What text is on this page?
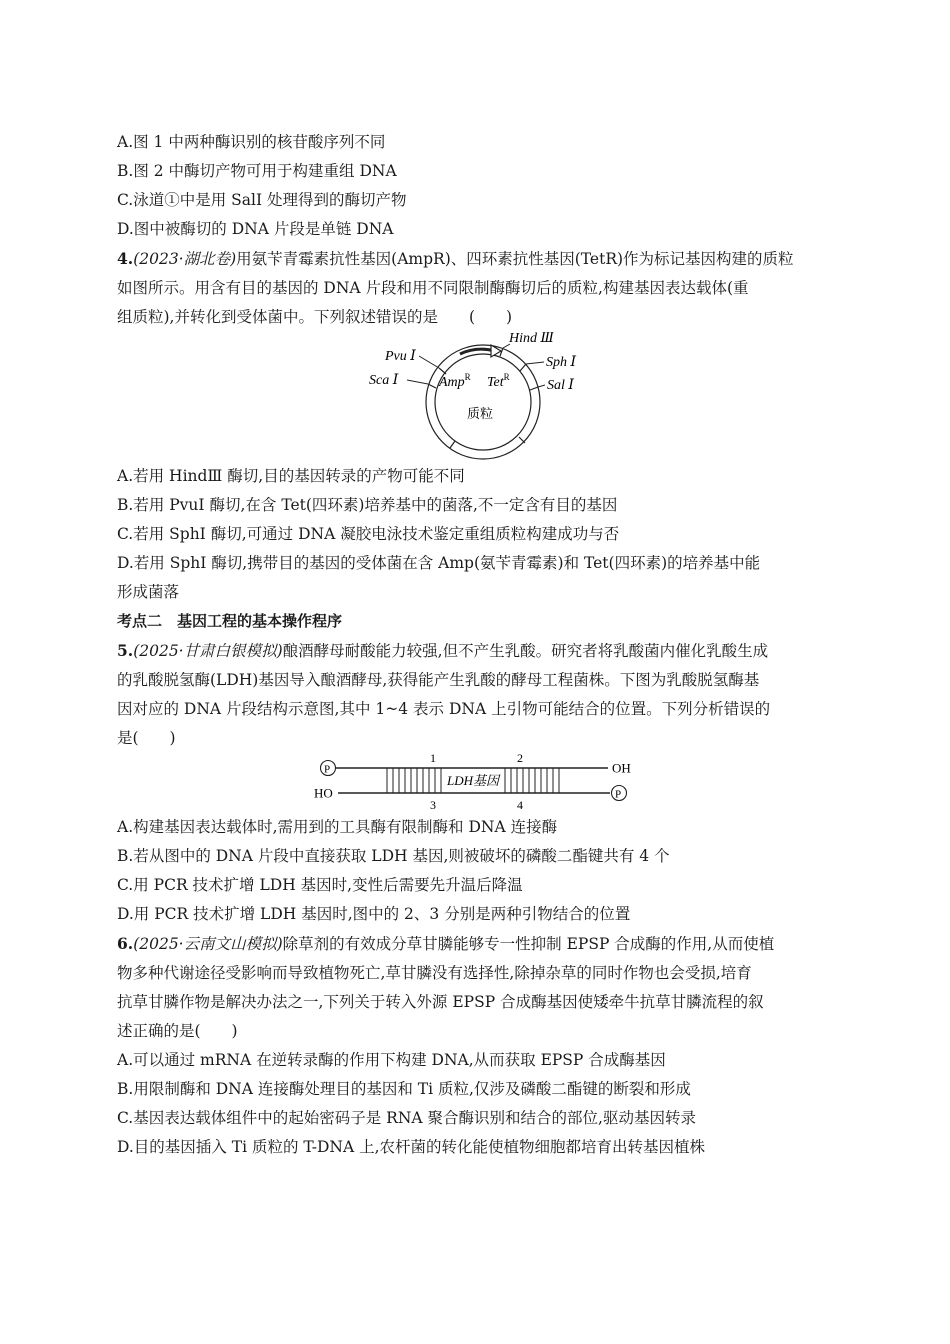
A.图 1 中两种酶识别的核苷酸序列不同
B.图 2 中酶切产物可用于构建重组 DNA
C.泳道①中是用 SalⅠ 处理得到的酶切产物
D.图中被酶切的 DNA 片段是单链 DNA
4.(2023·湖北卷)用氨苄青霉素抗性基因(AmpR)、四环素抗性基因(TetR)作为标记基因构建的质粒
如图所示。用含有目的基因的 DNA 片段和用不同限制酶酶切后的质粒,构建基因表达载体(重
组质粒),并转化到受体菌中。下列叙述错误的是　　(　　)
Pvu Ⅰ
Sca Ⅰ
Hind Ⅲ
Sph Ⅰ
Sal Ⅰ
Amp$^R$ Tet$^R$
质粒
A.若用 HindⅢ 酶切,目的基因转录的产物可能不同
B.若用 PvuⅠ 酶切,在含 Tet(四环素)培养基中的菌落,不一定含有目的基因
C.若用 SphⅠ 酶切,可通过 DNA 凝胶电泳技术鉴定重组质粒构建成功与否
D.若用 SphⅠ 酶切,携带目的基因的受体菌在含 Amp(氨苄青霉素)和 Tet(四环素)的培养基中能
形成菌落
考点二　基因工程的基本操作程序
5.(2025·甘肃白银模拟)酿酒酵母耐酸能力较强,但不产生乳酸。研究者将乳酸菌内催化乳酸生成
的乳酸脱氢酶(LDH)基因导入酿酒酵母,获得能产生乳酸的酵母工程菌株。下图为乳酸脱氢酶基
因对应的 DNA 片段结构示意图,其中 1~4 表示 DNA 上引物可能结合的位置。下列分析错误的
是(　　)
P	OH
HO	P
LDH基因
1	2
3	4
A.构建基因表达载体时,需用到的工具酶有限制酶和 DNA 连接酶
B.若从图中的 DNA 片段中直接获取 LDH 基因,则被破坏的磷酸二酯键共有 4 个
C.用 PCR 技术扩增 LDH 基因时,变性后需要先升温后降温
D.用 PCR 技术扩增 LDH 基因时,图中的 2、3 分别是两种引物结合的位置
6.(2025·云南文山模拟)除草剂的有效成分草甘膦能够专一性抑制 EPSP 合成酶的作用,从而使植
物多种代谢途径受影响而导致植物死亡,草甘膦没有选择性,除掉杂草的同时作物也会受损,培育
抗草甘膦作物是解决办法之一,下列关于转入外源 EPSP 合成酶基因使矮牵牛抗草甘膦流程的叙
述正确的是(　　)
A.可以通过 mRNA 在逆转录酶的作用下构建 DNA,从而获取 EPSP 合成酶基因
B.用限制酶和 DNA 连接酶处理目的基因和 Ti 质粒,仅涉及磷酸二酯键的断裂和形成
C.基因表达载体组件中的起始密码子是 RNA 聚合酶识别和结合的部位,驱动基因转录
D.目的基因插入 Ti 质粒的 T-DNA 上,农杆菌的转化能使植物细胞都培育出转基因植株
